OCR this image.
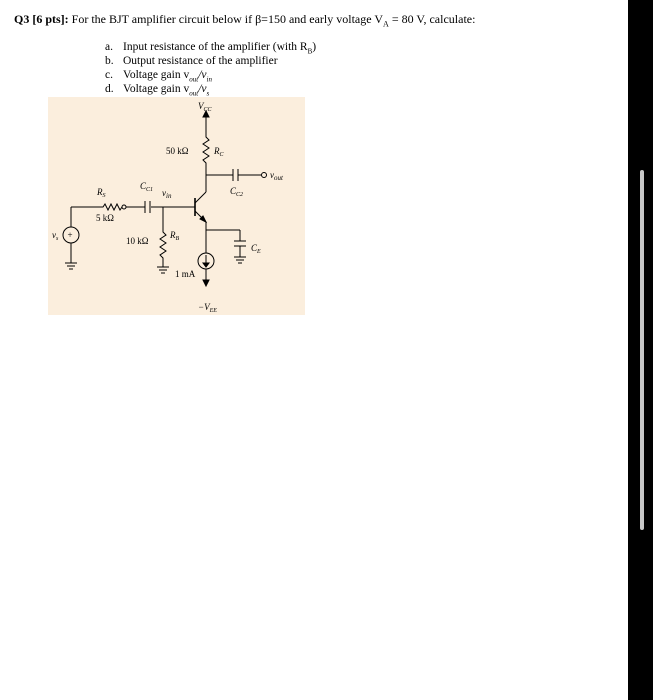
Q3 [6 pts]: For the BJT amplifier circuit below if β=150 and early voltage $V_A = 80$ V, calculate:
a. Input resistance of the amplifier (with $R_B$)
b. Output resistance of the amplifier
c. Voltage gain $v_{out}/v_{in}$
d. Voltage gain $v_{out}/v_s$
+
$V_{CC}$
50 kΩ	$R_C$
$v_{out}$
$C_{C2}$
$C_{C1}$ $v_{in}$
$R_S$
5 kΩ
$v_s$	10 kΩ
$R_B$
$C_E$
1 mA
$-V_{EE}$
